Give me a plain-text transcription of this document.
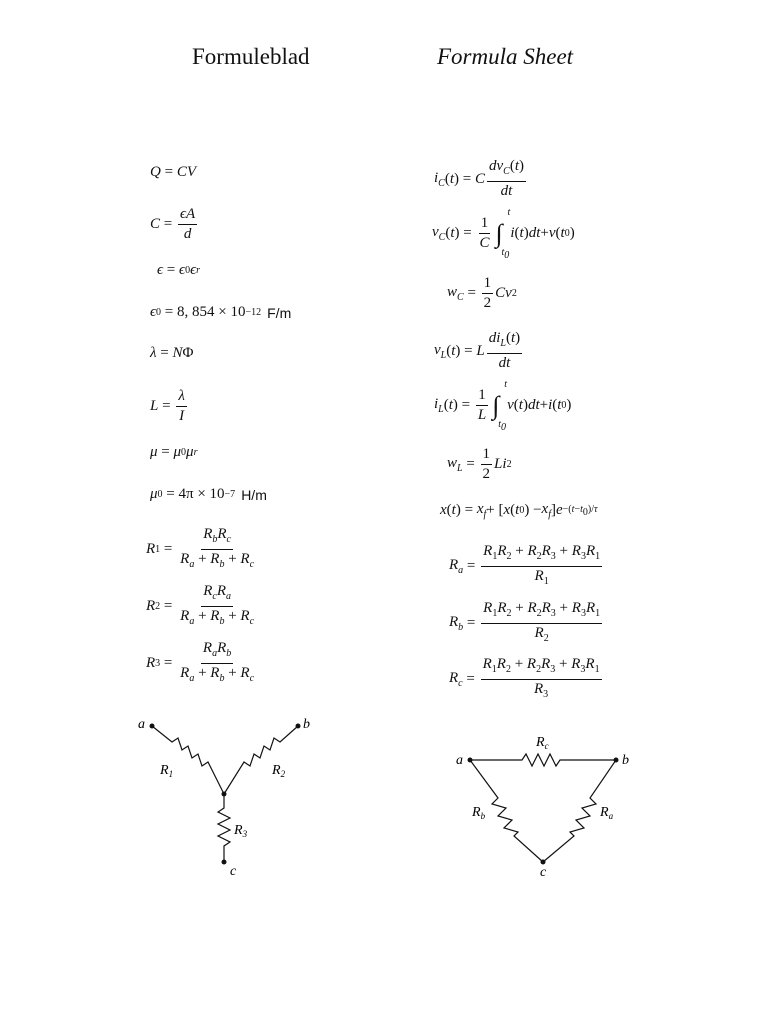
Formuleblad	Formula Sheet
Q = CV
$C = \frac{\epsilon A}{d}$
ϵ = ϵ 0 ϵ r
ϵ 0 = 8, 854 × 10 −12 F/m
λ = N Φ
$L = \frac{\lambda}{I}$
μ = μ 0 μ r
μ 0 = 4π × 10 −7 H/m
R $1 = \frac{R_bR_c}{R_a + R_b + R_c}$
R $2 = \frac{R_cR_a}{R_a + R_b + R_c}$
R $3 = \frac{R_aR_b}{R_a + R_b + R_c}$
$i_C$ ( t ) = C $\frac{dv_C(t)}{dt}$
$v_C$ ( t ) = $\frac{1}{C}$ ∫
t
$t_0$

i ( t ) dt + v ( t 0 )
$w_C = \frac{1}{2}$ Cv 2
$v_L$ ( t ) = L $\frac{di_L(t)}{dt}$
$i_L$ ( t ) = $\frac{1}{L}$ ∫
t
$t_0$

v ( t ) dt + i ( t 0 )
$w_L = \frac{1}{2}$ Li 2
x ( t ) = $x_f$ + [ x ( t 0 ) − $x_f$ ] $e -(t-t_0)/\tau$
$R_a = \frac{R_1R_2 + R_2R_3 + R_3R_1}{R_1}$
$R_b = \frac{R_1R_2 + R_2R_3 + R_3R_1}{R_2}$
$R_c = \frac{R_1R_2 + R_2R_3 + R_3R_1}{R_3}$
a	b
c
$R_1$	$R_2$
$R_3$
a	b
c
$R_c$
$R_b$	$R_a$
